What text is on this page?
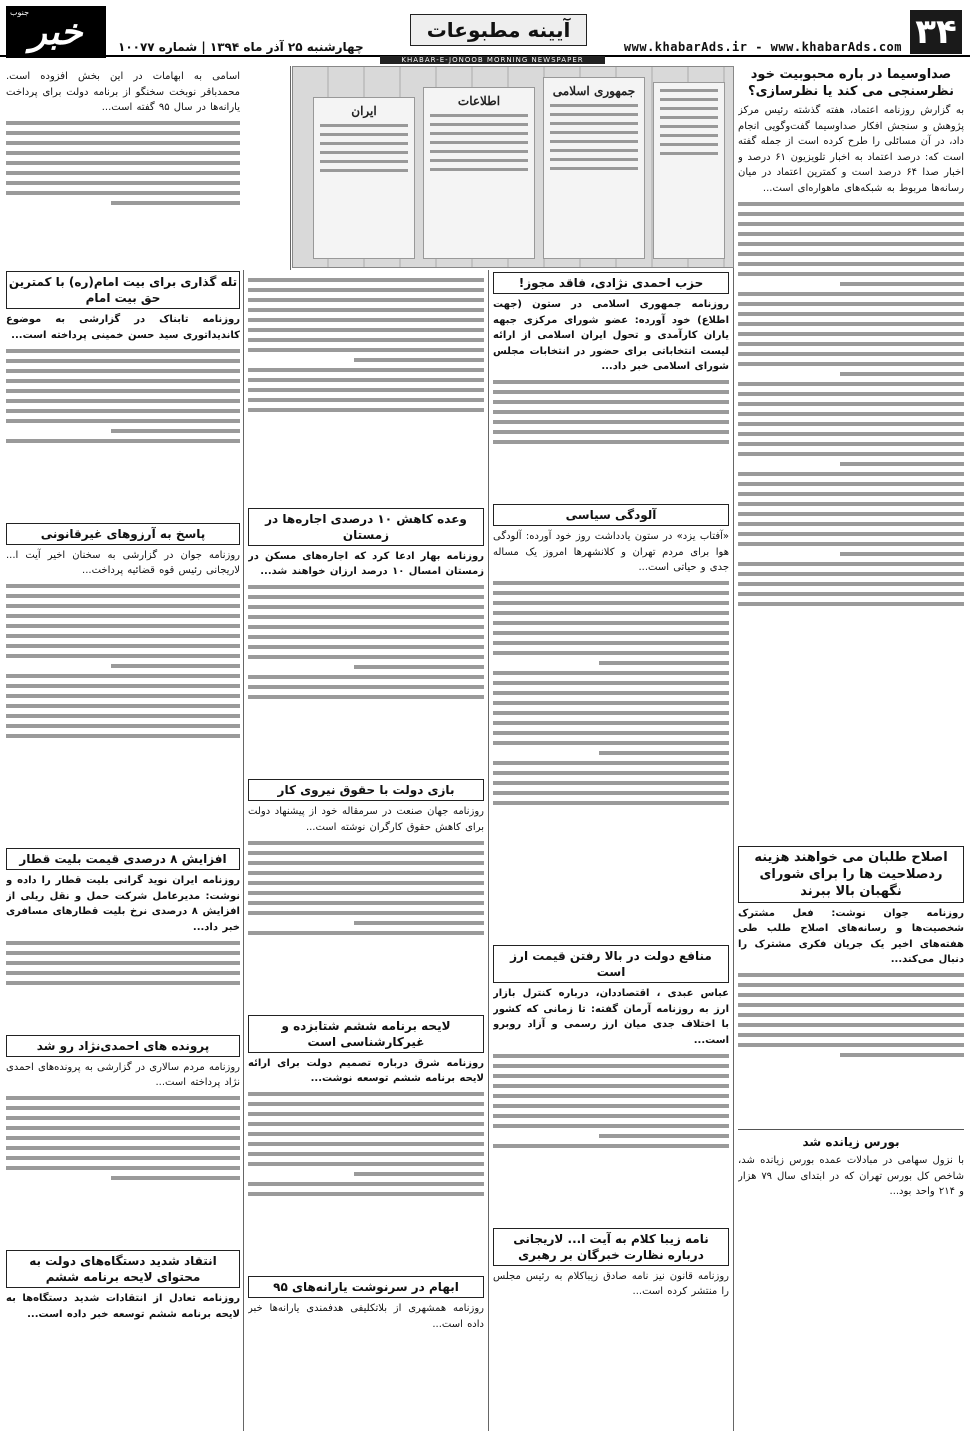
۳۴
www.khabarAds.ir - www.khabarAds.com
آیینه مطبوعات
چهارشنبه ۲۵ آذر ماه ۱۳۹۴ | شماره ۱۰۰۷۷
جنوب خبر
KHABAR-E-JONOOB MORNING NEWSPAPER
جمهوری اسلامی
اطلاعات
ایران
صداوسیما در باره محبوبیت خود نظرسنجی می کند یا نظرسازی؟

به گزارش روزنامه اعتماد، هفته گذشته رئیس مرکز پژوهش و سنجش افکار صداوسیما گفت‌وگویی انجام داد، در آن مسائلی را طرح کرده است از جمله گفته است که: درصد اعتماد به اخبار تلویزیون ۶۱ درصد و اخبار صدا ۶۴ درصد است و کمترین اعتماد در میان رسانه‌ها مربوط به شبکه‌های ماهواره‌ای است...

اصلاح طلبان می خواهند هزینه ردصلاحیت ها را برای شورای نگهبان بالا ببرند

روزنامه جوان نوشت: فعل مشترک شخصیت‌ها و رسانه‌های اصلاح طلب طی هفته‌های اخیر یک جریان فکری مشترک را دنبال می‌کند...

بورس زیانده شد

با نزول سهامی در مبادلات عمده بورس زیانده شد، شاخص کل بورس تهران که در ابتدای سال ۷۹ هزار و ۲۱۴ واحد بود...

حزب احمدی نژادی، فاقد مجوز!

روزنامه جمهوری اسلامی در ستون (جهت اطلاع) خود آورده: عضو شورای مرکزی جبهه یاران کارآمدی و تحول ایران اسلامی از ارائه لیست انتخاباتی برای حضور در انتخابات مجلس شورای اسلامی خبر داد...

آلودگی سیاسی

«آفتاب یزد» در ستون یادداشت روز خود آورده: آلودگی هوا برای مردم تهران و کلانشهرها امروز یک مساله جدی و حیاتی است...

منافع دولت در بالا رفتن قیمت ارز است

عباس عبدی ، اقتصاددان، درباره کنترل بازار ارز به روزنامه آرمان گفته: تا زمانی که کشور با اختلاف جدی میان ارز رسمی و آزاد روبرو است...

نامه زیبا کلام به آیت ا... لاریجانی درباره نظارت خبرگان بر رهبری

روزنامه قانون نیز نامه صادق زیباکلام به رئیس مجلس را منتشر کرده است...

وعده کاهش ۱۰ درصدی اجاره‌ها در زمستان

روزنامه بهار ادعا کرد که اجاره‌های مسکن در زمستان امسال ۱۰ درصد ارزان خواهند شد...

بازی دولت با حقوق نیروی کار

روزنامه جهان صنعت در سرمقاله خود از پیشنهاد دولت برای کاهش حقوق کارگران نوشته است...

لایحه برنامه ششم شتابزده و غیرکارشناسی است

روزنامه شرق درباره تصمیم دولت برای ارائه لایحه برنامه ششم توسعه نوشت...

ابهام در سرنوشت یارانه‌های ۹۵

روزنامه همشهری از بلاتکلیفی هدفمندی یارانه‌ها خبر داده است...

اسامی به ابهامات در این بخش افزوده است. محمدباقر نوبخت سخنگو از برنامه دولت برای پرداخت یارانه‌ها در سال ۹۵ گفته است...

تله گذاری برای بیت امام(ره) با کمترین حق بیت امام

روزنامه تابناک در گزارشی به موضوع کاندیداتوری سید حسن خمینی پرداخته است...

پاسخ به آرزوهای غیرقانونی

روزنامه جوان در گزارشی به سخنان اخیر آیت ا... لاریجانی رئیس قوه قضائیه پرداخت...

افزایش ۸ درصدی قیمت بلیت قطار

روزنامه ایران نوید گرانی بلیت قطار را داده و نوشت: مدیرعامل شرکت حمل و نقل ریلی از افزایش ۸ درصدی نرخ بلیت قطارهای مسافری خبر داد...

پرونده های احمدی‌نژاد رو شد

روزنامه مردم سالاری در گزارشی به پرونده‌های احمدی نژاد پرداخته است...

انتقاد شدید دستگاه‌های دولت به محتوای لایحه برنامه ششم

روزنامه تعادل از انتقادات شدید دستگاه‌ها به لایحه برنامه ششم توسعه خبر داده است...
